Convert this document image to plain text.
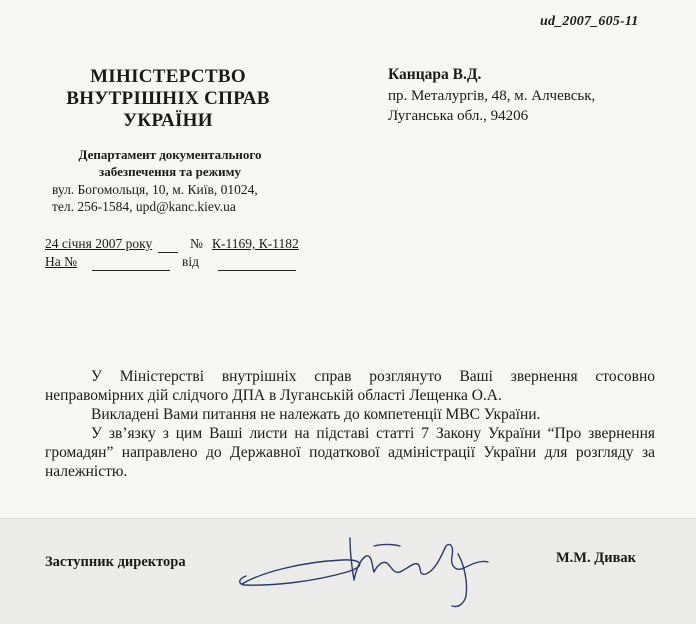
ud_2007_605-11
МІНІСТЕРСТВО
ВНУТРІШНІХ СПРАВ
УКРАЇНИ
Департамент документального
забезпечення та режиму
вул. Богомольця, 10, м. Київ, 01024,
тел. 256-1584, upd@kanc.kiev.ua
Канцара В.Д.
пр. Металургів, 48, м. Алчевськ,
Луганська обл., 94206
24 січня 2007 року	№ К-1169, К-1182
На №	від

У Міністерстві внутрішніх справ розглянуто Ваші звернення стосовно неправомірних дій слідчого ДПА в Луганській області Лещенка О.А.

Викладені Вами питання не належать до компетенції МВС України.

У зв’язку з цим Ваші листи на підставі статті 7 Закону України “Про звернення громадян” направлено до Державної податкової адміністрації України для розгляду за належністю.

Заступник директора	М.М. Дивак
